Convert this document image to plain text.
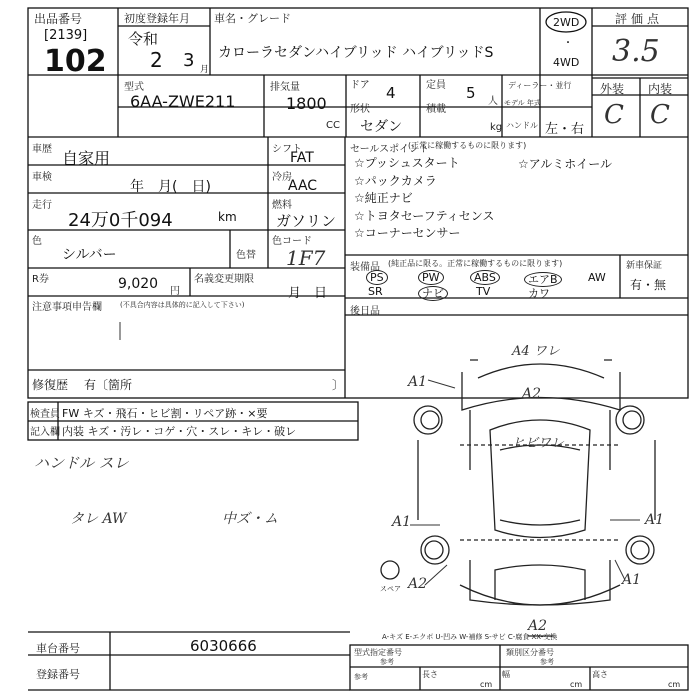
出品番号
[2139]
102
初度登録年月
令和
2 3 月
車名・グレード
カローラセダンハイブリッド ハイブリッドS
2WD
・
4WD
評価点
3.5
外装 内装
C C
型式
6AA-ZWE211
排気量
1800
CC
ドア 4	定員 5 人
ディーラー・並行
モデル 年式
形状
セダン
積載
kg ハンドル 左・右
車歴 自家用	シフト
FAT
車検
年　月(　日)
冷房
AAC
走行
24万0千094	km
燃料
ガソリン
色
シルバー	色替
色コード
1F7
R券	9,020 円
名義変更期限
月　日
注意事項申告欄	(不具合内容は具体的に記入して下さい)
修復歴 有〔箇所	〕
セールスポイント
(正常に稼働するものに限ります)
☆プッシュスタート
☆パックカメラ
☆純正ナビ
☆トヨタセーフティセンス
☆コーナーセンサー
☆アルミホイール
装備品 (純正品に限る。正常に稼働するものに限ります)
PS	PW	ABS	エアB	AW
SR	ナビ	TV	カワ
新車保証
有・無
後日品
検査員
記入欄
FW キズ・飛石・ヒビ割・リペア跡・×要
内装 キズ・汚レ・コゲ・穴・スレ・キレ・破レ
ハンドル スレ
タレ AW	中ズ・ム
A4 ワレ
A2
ヒビワレ
A1
A1	A1
A2	A1
A2
スペア
車台番号	6030666
登録番号
A-キズ E-エクボ U-凹み W-補修 S-サビ C-腐食 XX-交換
型式指定番号
参考
類別区分番号
参考
参考	長さ
cm
幅
cm
高さ
cm
